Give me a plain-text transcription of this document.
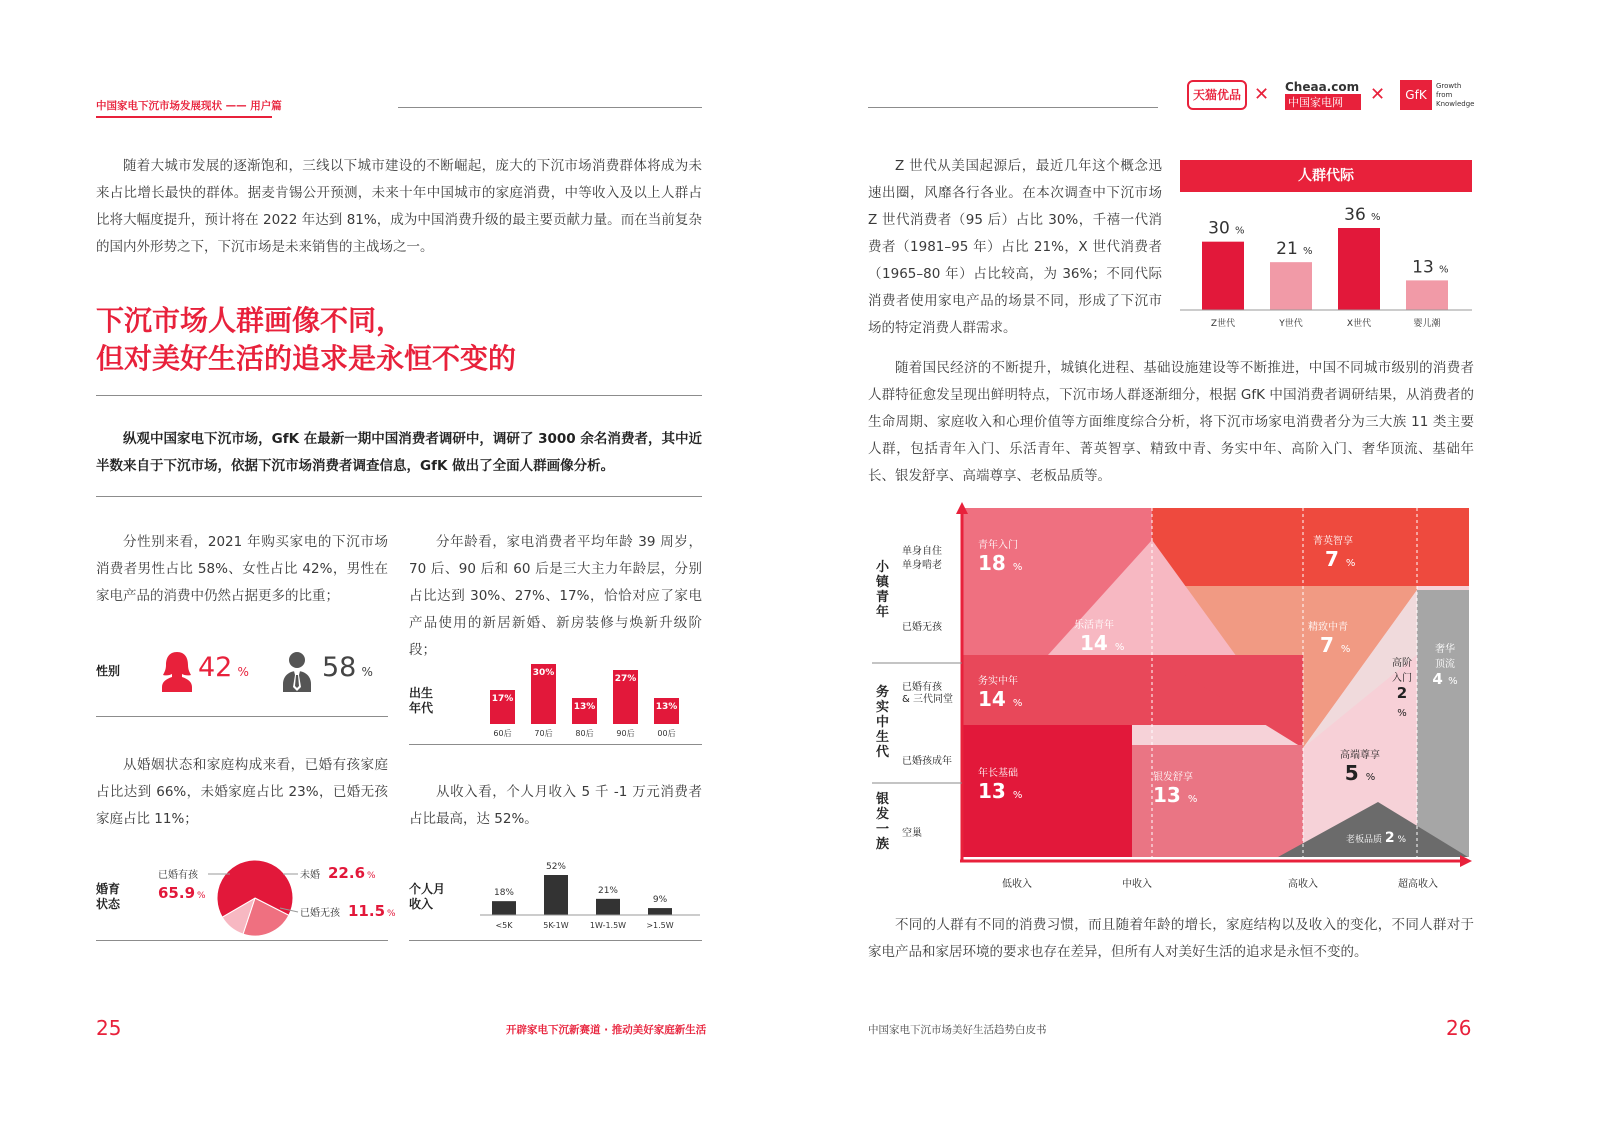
中国家电下沉市场发展现状 —— 用户篇
随着大城市发展的逐渐饱和，三线以下城市建设的不断崛起，庞大的下沉市场消费群体将成为未来占比增长最快的群体。据麦肯锡公开预测，未来十年中国城市的家庭消费，中等收入及以上人群占比将大幅度提升，预计将在 2022 年达到 81%，成为中国消费升级的最主要贡献力量。而在当前复杂的国内外形势之下，下沉市场是未来销售的主战场之一。
下沉市场人群画像不同，
但对美好生活的追求是永恒不变的
纵观中国家电下沉市场，GfK 在最新一期中国消费者调研中，调研了 3000 余名消费者，其中近半数来自于下沉市场，依据下沉市场消费者调查信息，GfK 做出了全面人群画像分析。
分性别来看，2021 年购买家电的下沉市场消费者男性占比 58%、女性占比 42%，男性在家电产品的消费中仍然占据更多的比重；
性别	42 %	58 %
分年龄看，家电消费者平均年龄 39 周岁，70 后、90 后和 60 后是三大主力年龄层，分别占比达到 30%、27%、17%，恰恰对应了家电产品使用的新居新婚、新房装修与焕新升级阶段；
出生年代
17%
60后
30%
70后
13%
80后
27%
90后
13%
00后
从婚姻状态和家庭构成来看，已婚有孩家庭占比达到 66%，未婚家庭占比 23%，已婚无孩家庭占比 11%；
婚育状态
已婚有孩
65.9 %
未婚 22.6 %
已婚无孩 11.5 %
从收入看，个人月收入 5 千 -1 万元消费者占比最高，达 52%。
个人月收入
18%
<5K
52%
5K-1W
21%
1W-1.5W
9%
>1.5W
25	开辟家电下沉新赛道 · 推动美好家庭新生活
天猫优品 ✕ Cheaa.com
中国家电网	✕	GfK
Growth from Knowledge
Z 世代从美国起源后，最近几年这个概念迅速出圈，风靡各行各业。在本次调查中下沉市场 Z 世代消费者（95 后）占比 30%，千禧一代消费者（1981–95 年）占比 21%，X 世代消费者（1965–80 年）占比较高，为 36%；不同代际消费者使用家电产品的场景不同，形成了下沉市场的特定消费人群需求。
人群代际
30 %
Z世代
21 %
Y世代
36 %
X世代
13 %
婴儿潮
随着国民经济的不断提升，城镇化进程、基础设施建设等不断推进，中国不同城市级别的消费者人群特征愈发呈现出鲜明特点，下沉市场人群逐渐细分，根据 GfK 中国消费者调研结果，从消费者的生命周期、家庭收入和心理价值等方面维度综合分析，将下沉市场家电消费者分为三大族 11 类主要人群，包括青年入门、乐活青年、菁英智享、精致中青、务实中年、高阶入门、奢华顶流、基础年长、银发舒享、高端尊享、老板品质等。
小镇青年
务实中生代
银发一族
单身自住
单身啃老
已婚无孩
已婚有孩
& 三代同堂
已婚孩成年
空巢
青年入门
18 %
菁英智享
7 %
乐活青年
14 %
精致中青
7 %	奢华顶流
4 %
务实中年
14 %
高阶入门
2 %
年长基础
13 %
银发舒享
13 %
高端尊享
5 %
老板品质 2 %
低收入	中收入	高收入	超高收入
不同的人群有不同的消费习惯，而且随着年龄的增长，家庭结构以及收入的变化，不同人群对于家电产品和家居环境的要求也存在差异，但所有人对美好生活的追求是永恒不变的。
中国家电下沉市场美好生活趋势白皮书	26
